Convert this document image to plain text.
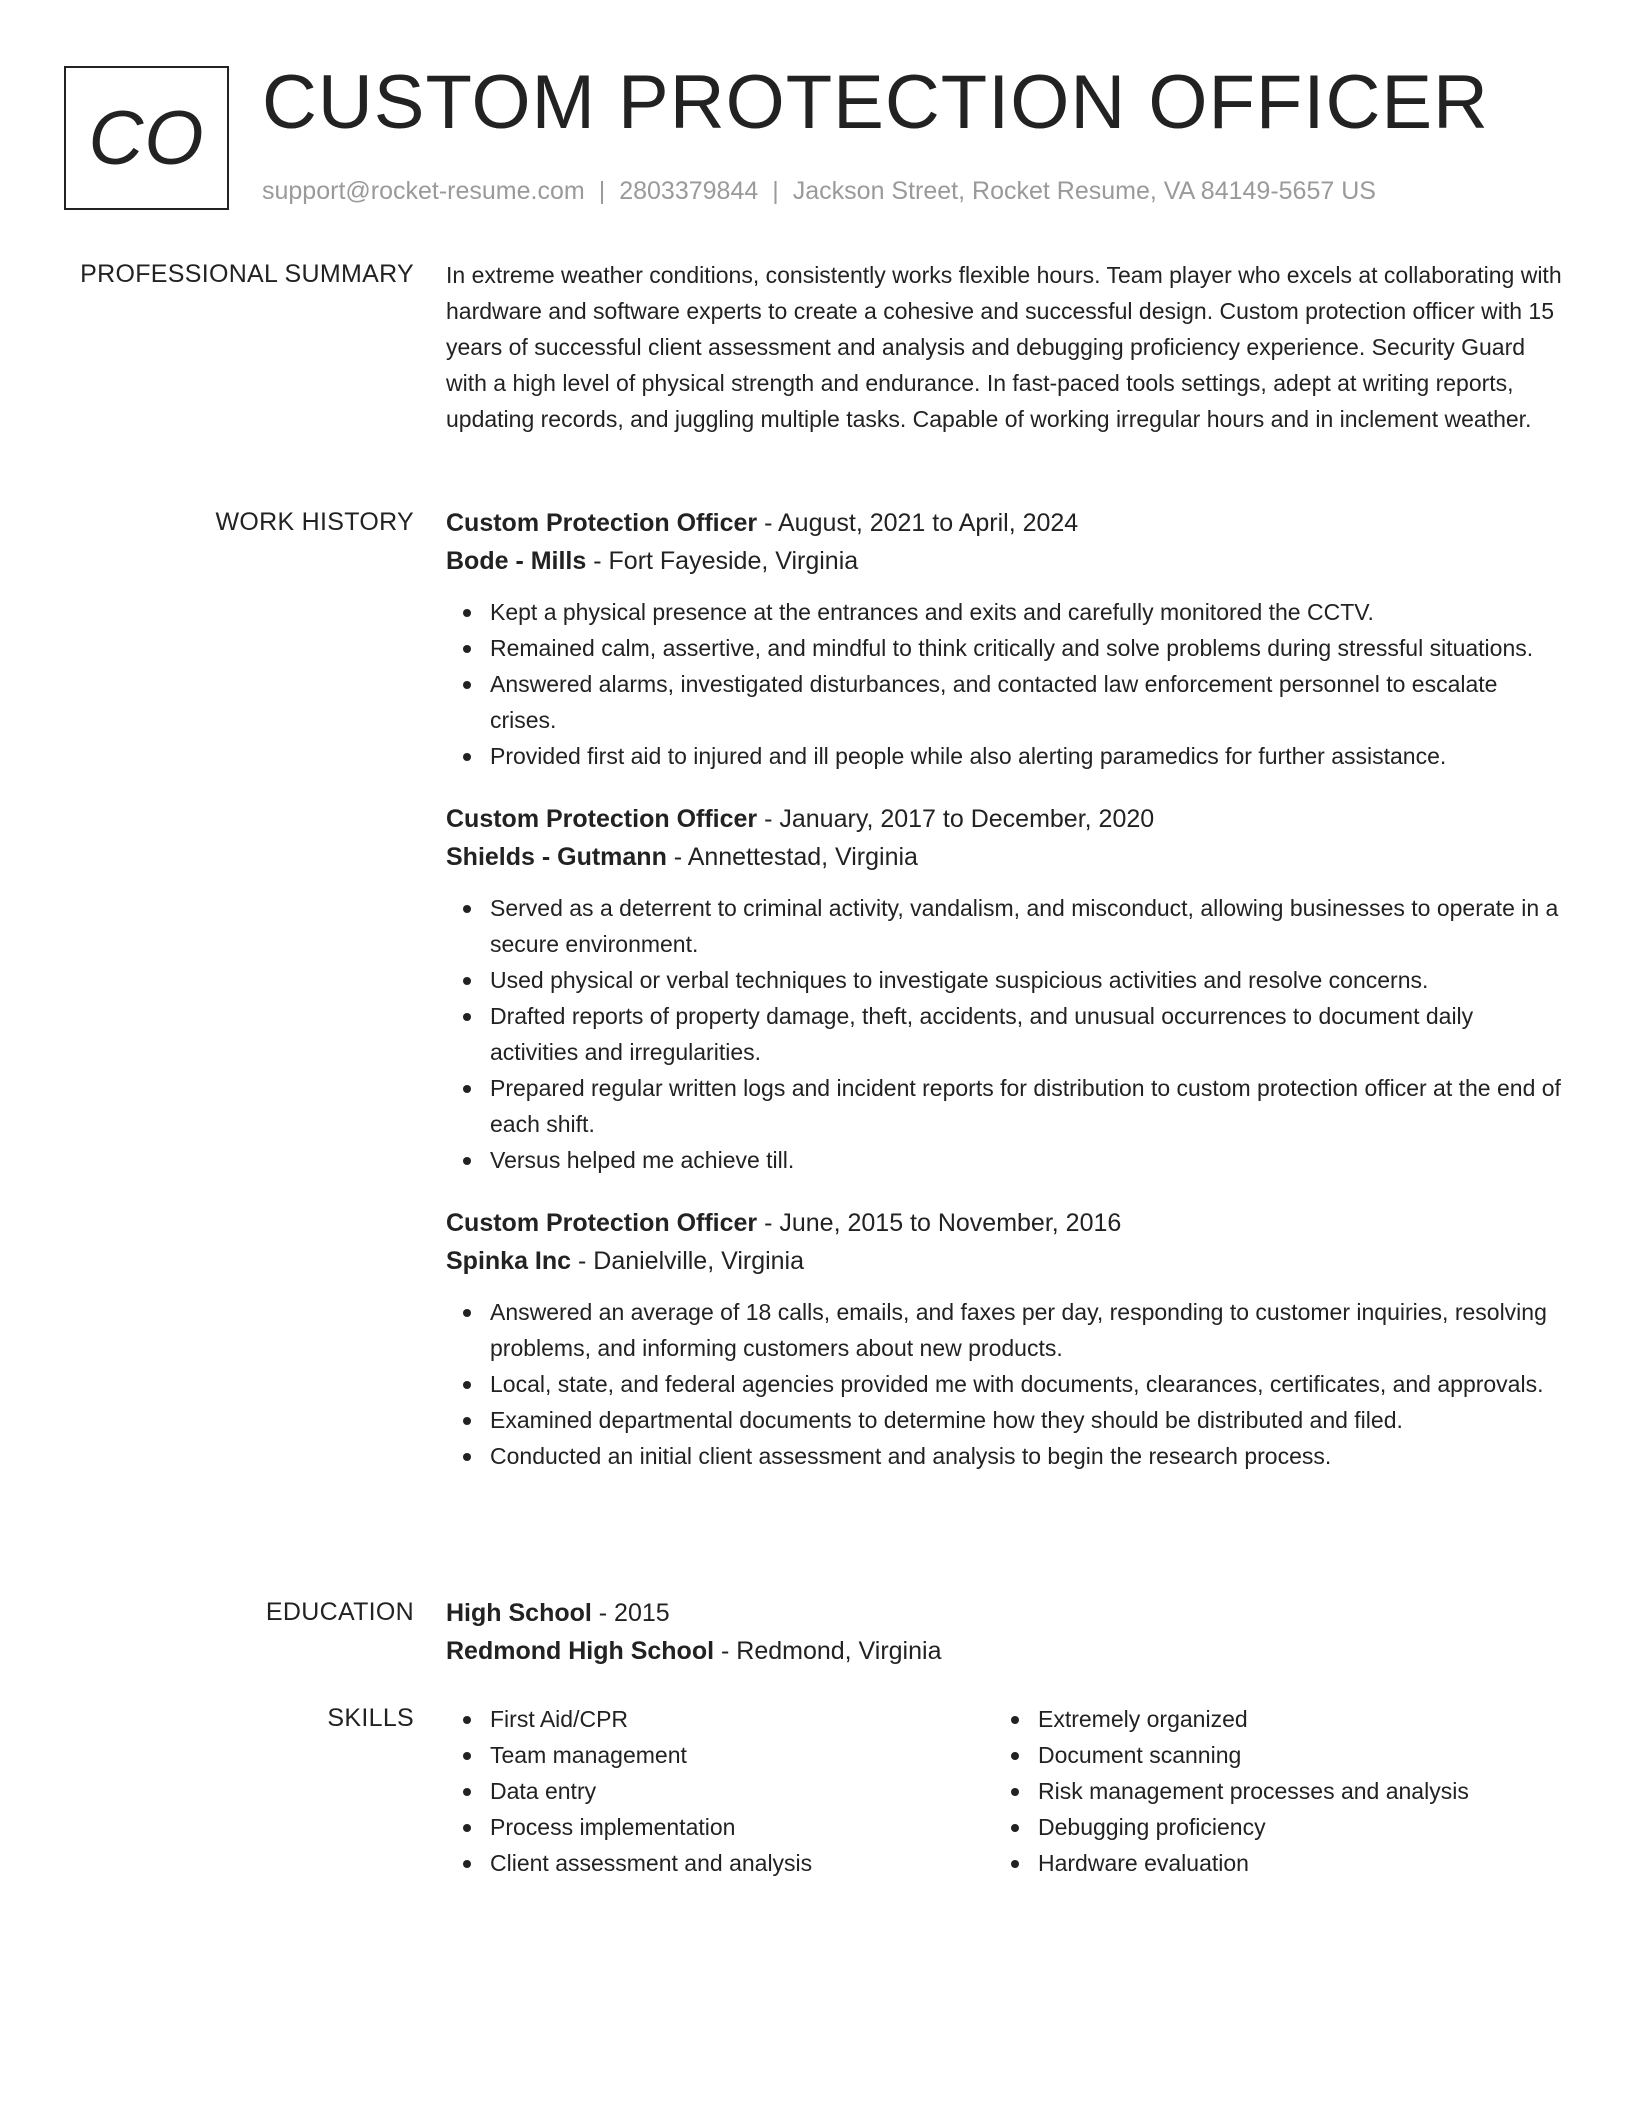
CO CUSTOM PROTECTION OFFICER
support@rocket-resume.com | 2803379844 | Jackson Street, Rocket Resume, VA 84149-5657 US
PROFESSIONAL SUMMARY In extreme weather conditions, consistently works flexible hours. Team player who excels at collaborating with hardware and software experts to create a cohesive and successful design. Custom protection officer with 15 years of successful client assessment and analysis and debugging proficiency experience. Security Guard with a high level of physical strength and endurance. In fast-paced tools settings, adept at writing reports, updating records, and juggling multiple tasks. Capable of working irregular hours and in inclement weather.

WORK HISTORY Custom Protection Officer - August, 2021 to April, 2024
Bode - Mills - Fort Fayeside, Virginia
Kept a physical presence at the entrances and exits and carefully monitored the CCTV.
Remained calm, assertive, and mindful to think critically and solve problems during stressful situations.
Answered alarms, investigated disturbances, and contacted law enforcement personnel to escalate crises.
Provided first aid to injured and ill people while also alerting paramedics for further assistance.
Custom Protection Officer - January, 2017 to December, 2020
Shields - Gutmann - Annettestad, Virginia
Served as a deterrent to criminal activity, vandalism, and misconduct, allowing businesses to operate in a secure environment.
Used physical or verbal techniques to investigate suspicious activities and resolve concerns.
Drafted reports of property damage, theft, accidents, and unusual occurrences to document daily activities and irregularities.
Prepared regular written logs and incident reports for distribution to custom protection officer at the end of each shift.
Versus helped me achieve till.
Custom Protection Officer - June, 2015 to November, 2016
Spinka Inc - Danielville, Virginia
Answered an average of 18 calls, emails, and faxes per day, responding to customer inquiries, resolving problems, and informing customers about new products.
Local, state, and federal agencies provided me with documents, clearances, certificates, and approvals.
Examined departmental documents to determine how they should be distributed and filed.
Conducted an initial client assessment and analysis to begin the research process.
EDUCATION High School - 2015
Redmond High School - Redmond, Virginia
SKILLS	First Aid/CPR
Team management
Data entry
Process implementation
Client assessment and analysis
Extremely organized
Document scanning
Risk management processes and analysis
Debugging proficiency
Hardware evaluation
